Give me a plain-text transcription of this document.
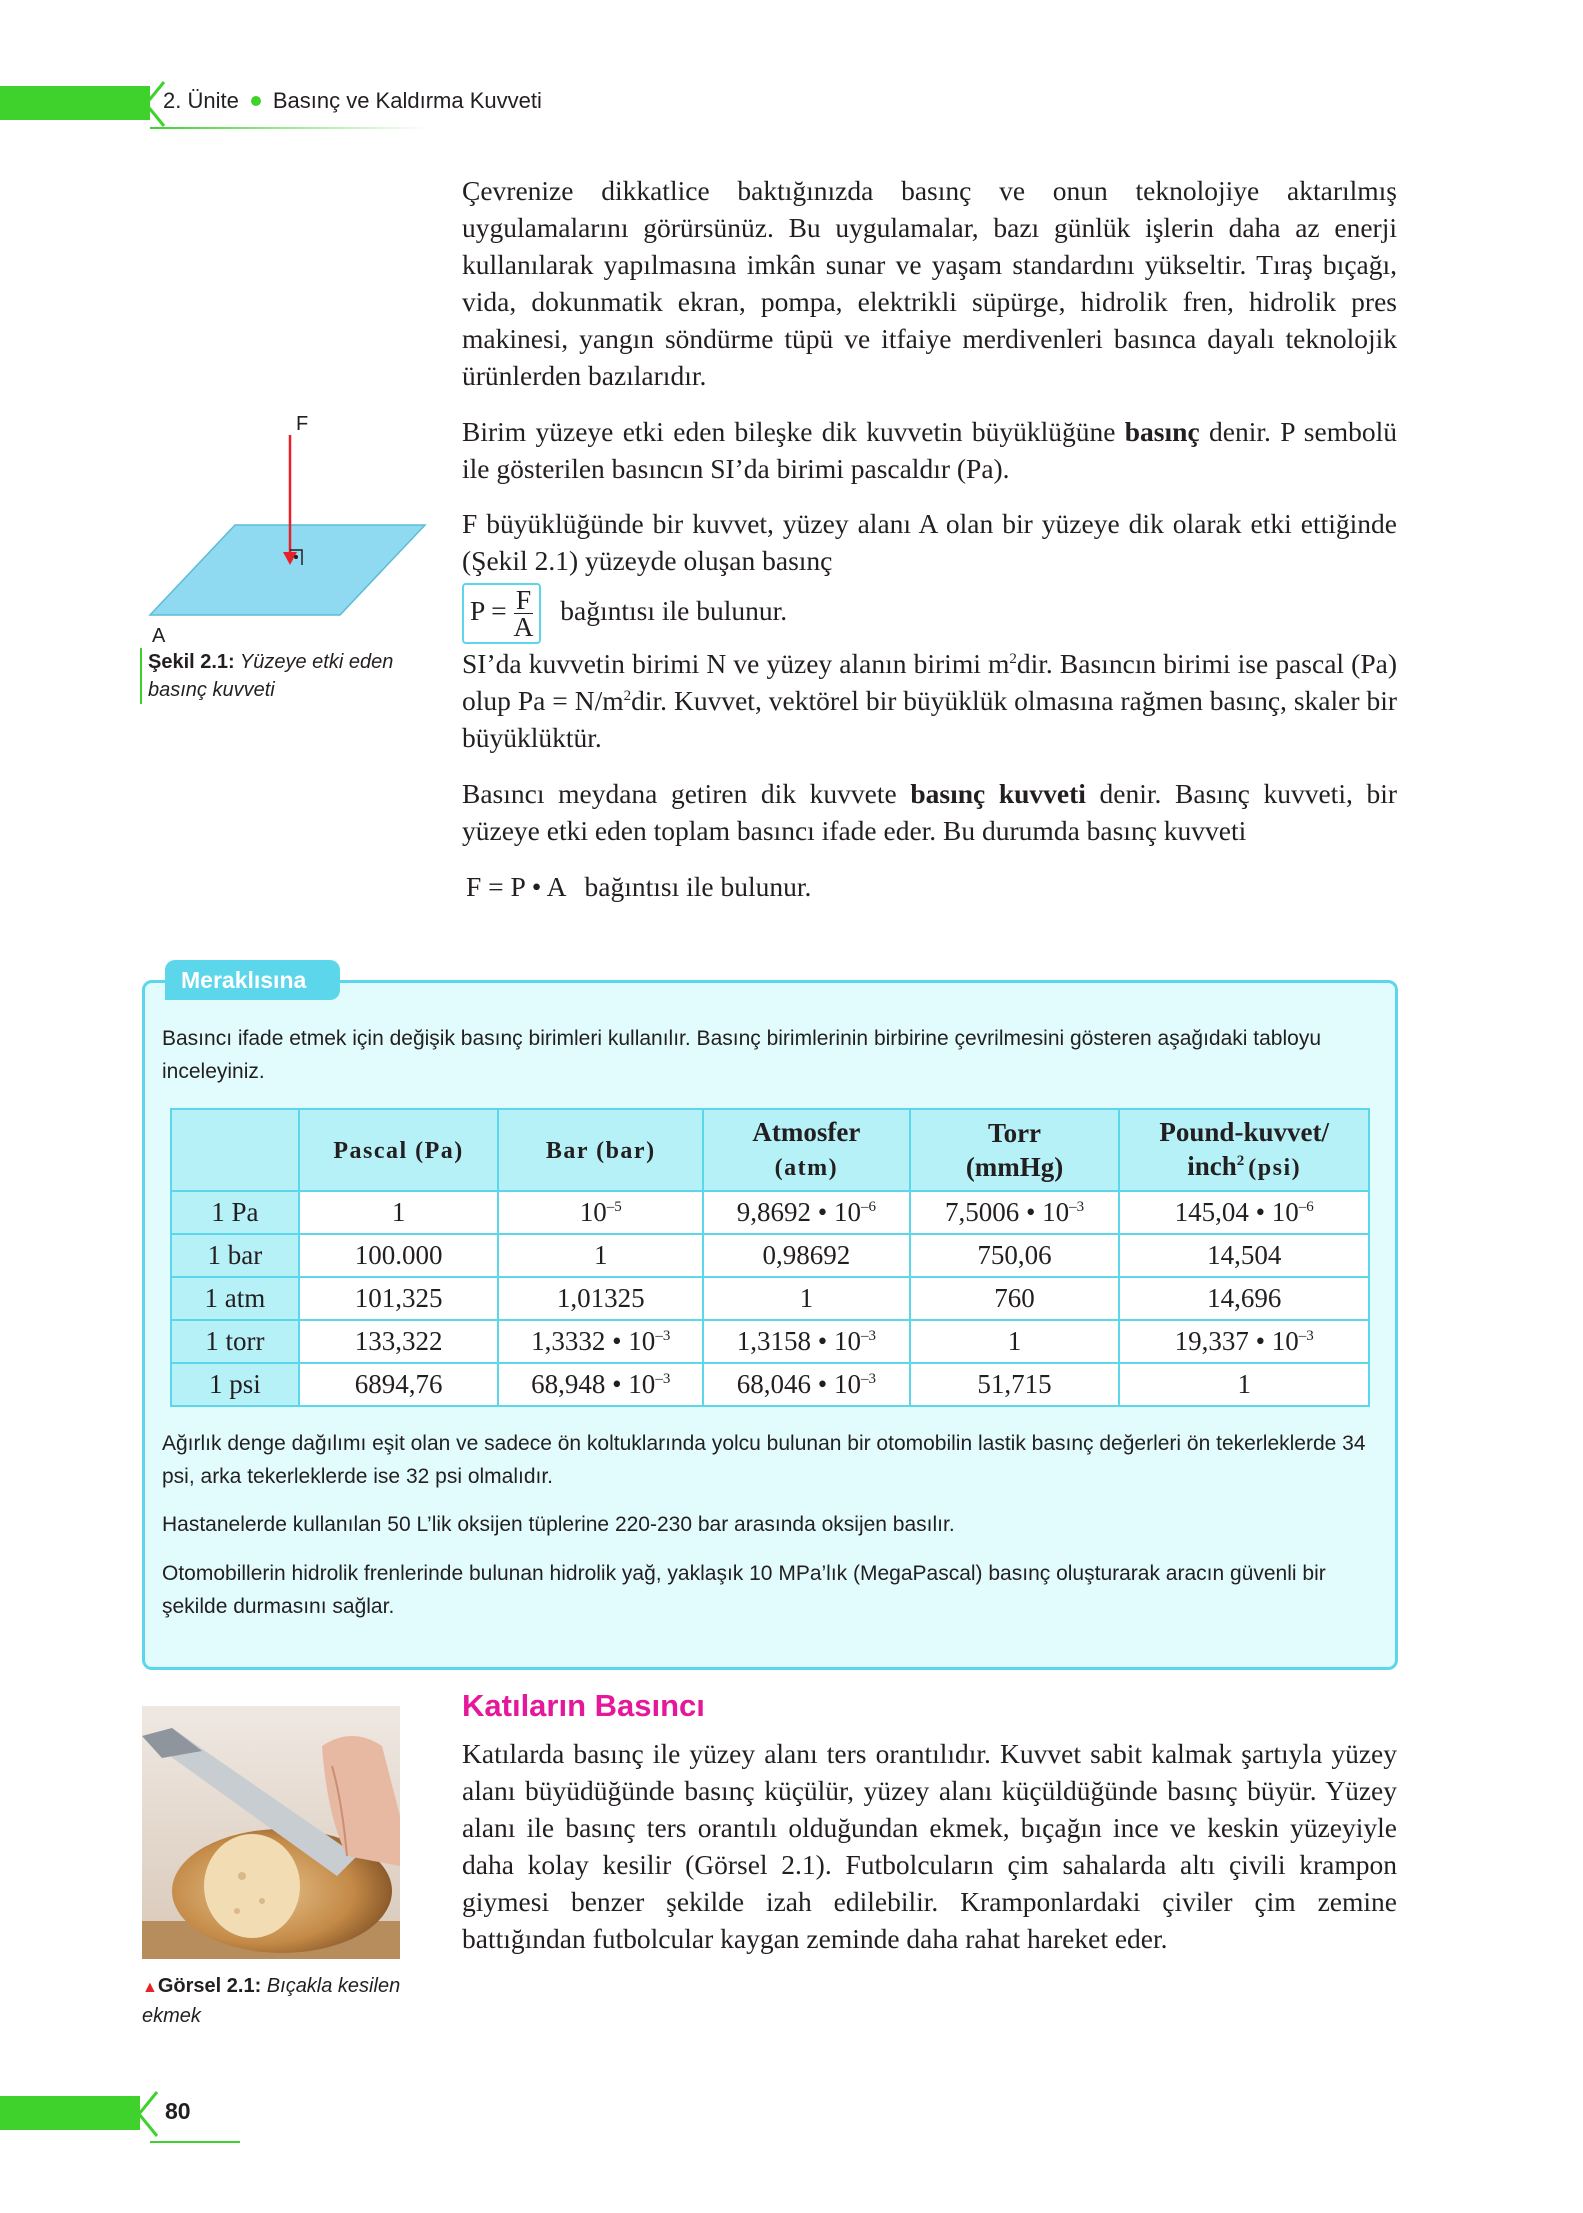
2. Ünite Basınç ve Kaldırma Kuvveti

Çevrenize dikkatlice baktığınızda basınç ve onun teknolojiye aktarılmış uygulamalarını görürsünüz. Bu uygulamalar, bazı günlük işlerin daha az enerji kullanılarak yapılmasına imkân sunar ve yaşam standardını yükseltir. Tıraş bıçağı, vida, dokunmatik ekran, pompa, elektrikli süpürge, hidrolik fren, hidrolik pres makinesi, yangın söndürme tüpü ve itfaiye merdivenleri basınca dayalı teknolojik ürünlerden bazılarıdır.

Birim yüzeye etki eden bileşke dik kuvvetin büyüklüğüne basınç denir. P sembolü ile gösterilen basıncın SI’da birimi pascaldır (Pa).

F büyüklüğünde bir kuvvet, yüzey alanı A olan bir yüzeye dik olarak etki ettiğinde (Şekil 2.1) yüzeyde oluşan basınç

$P = \frac{F}{A}$ bağıntısı ile bulunur.

SI’da kuvvetin birimi N ve yüzey alanın birimi $m^2dir$. Basıncın birimi ise pascal (Pa) olup $Pa = N/m^2dir$. Kuvvet, vektörel bir büyüklük olmasına rağmen basınç, skaler bir büyüklüktür.

Basıncı meydana getiren dik kuvvete basınç kuvveti denir. Basınç kuvveti, bir yüzeye etki eden toplam basıncı ifade eder. Bu durumda basınç kuvveti

F = P • A bağıntısı ile bulunur.
F
A
Şekil 2.1: Yüzeye etki eden basınç kuvveti
Meraklısına
Basıncı ifade etmek için değişik basınç birimleri kullanılır. Basınç birimlerinin birbirine çevrilmesini gösteren aşağıdaki tabloyu inceleyiniz.
	Pascal (Pa)	Bar (bar)	Atmosfer
(atm)	Torr
(mmHg)	Pound-kuvvet/
inch$^2$ (psi)
1 Pa	1	$10^{-5}$	9,8692 • $10^{-6}$	7,5006 • $10^{-3}$	145,04 • $10^{-6}$
1 bar	100.000	1	0,98692	750,06	14,504
1 atm	101,325	1,01325	1	760	14,696
1 torr	133,322	1,3332 • $10^{-3}$	1,3158 • $10^{-3}$	1	19,337 • $10^{-3}$
1 psi	6894,76	68,948 • $10^{-3}$	68,046 • $10^{-3}$	51,715	1
Ağırlık denge dağılımı eşit olan ve sadece ön koltuklarında yolcu bulunan bir otomobilin lastik basınç değerleri ön tekerleklerde 34 psi, arka tekerleklerde ise 32 psi olmalıdır.
Hastanelerde kullanılan 50 L’lik oksijen tüplerine 220-230 bar arasında oksijen basılır.
Otomobillerin hidrolik frenlerinde bulunan hidrolik yağ, yaklaşık 10 MPa’lık (MegaPascal) basınç oluşturarak aracın güvenli bir şekilde durmasını sağlar.
Katıların Basıncı
▲Görsel 2.1: Bıçakla kesilen ekmek

Katılarda basınç ile yüzey alanı ters orantılıdır. Kuvvet sabit kalmak şartıyla yüzey alanı büyüdüğünde basınç küçülür, yüzey alanı küçüldüğünde basınç büyür. Yüzey alanı ile basınç ters orantılı olduğundan ekmek, bıçağın ince ve keskin yüzeyiyle daha kolay kesilir (Görsel 2.1). Futbolcuların çim sahalarda altı çivili krampon giymesi benzer şekilde izah edilebilir. Kramponlardaki çiviler çim zemine battığından futbolcular kaygan zeminde daha rahat hareket eder.

80
